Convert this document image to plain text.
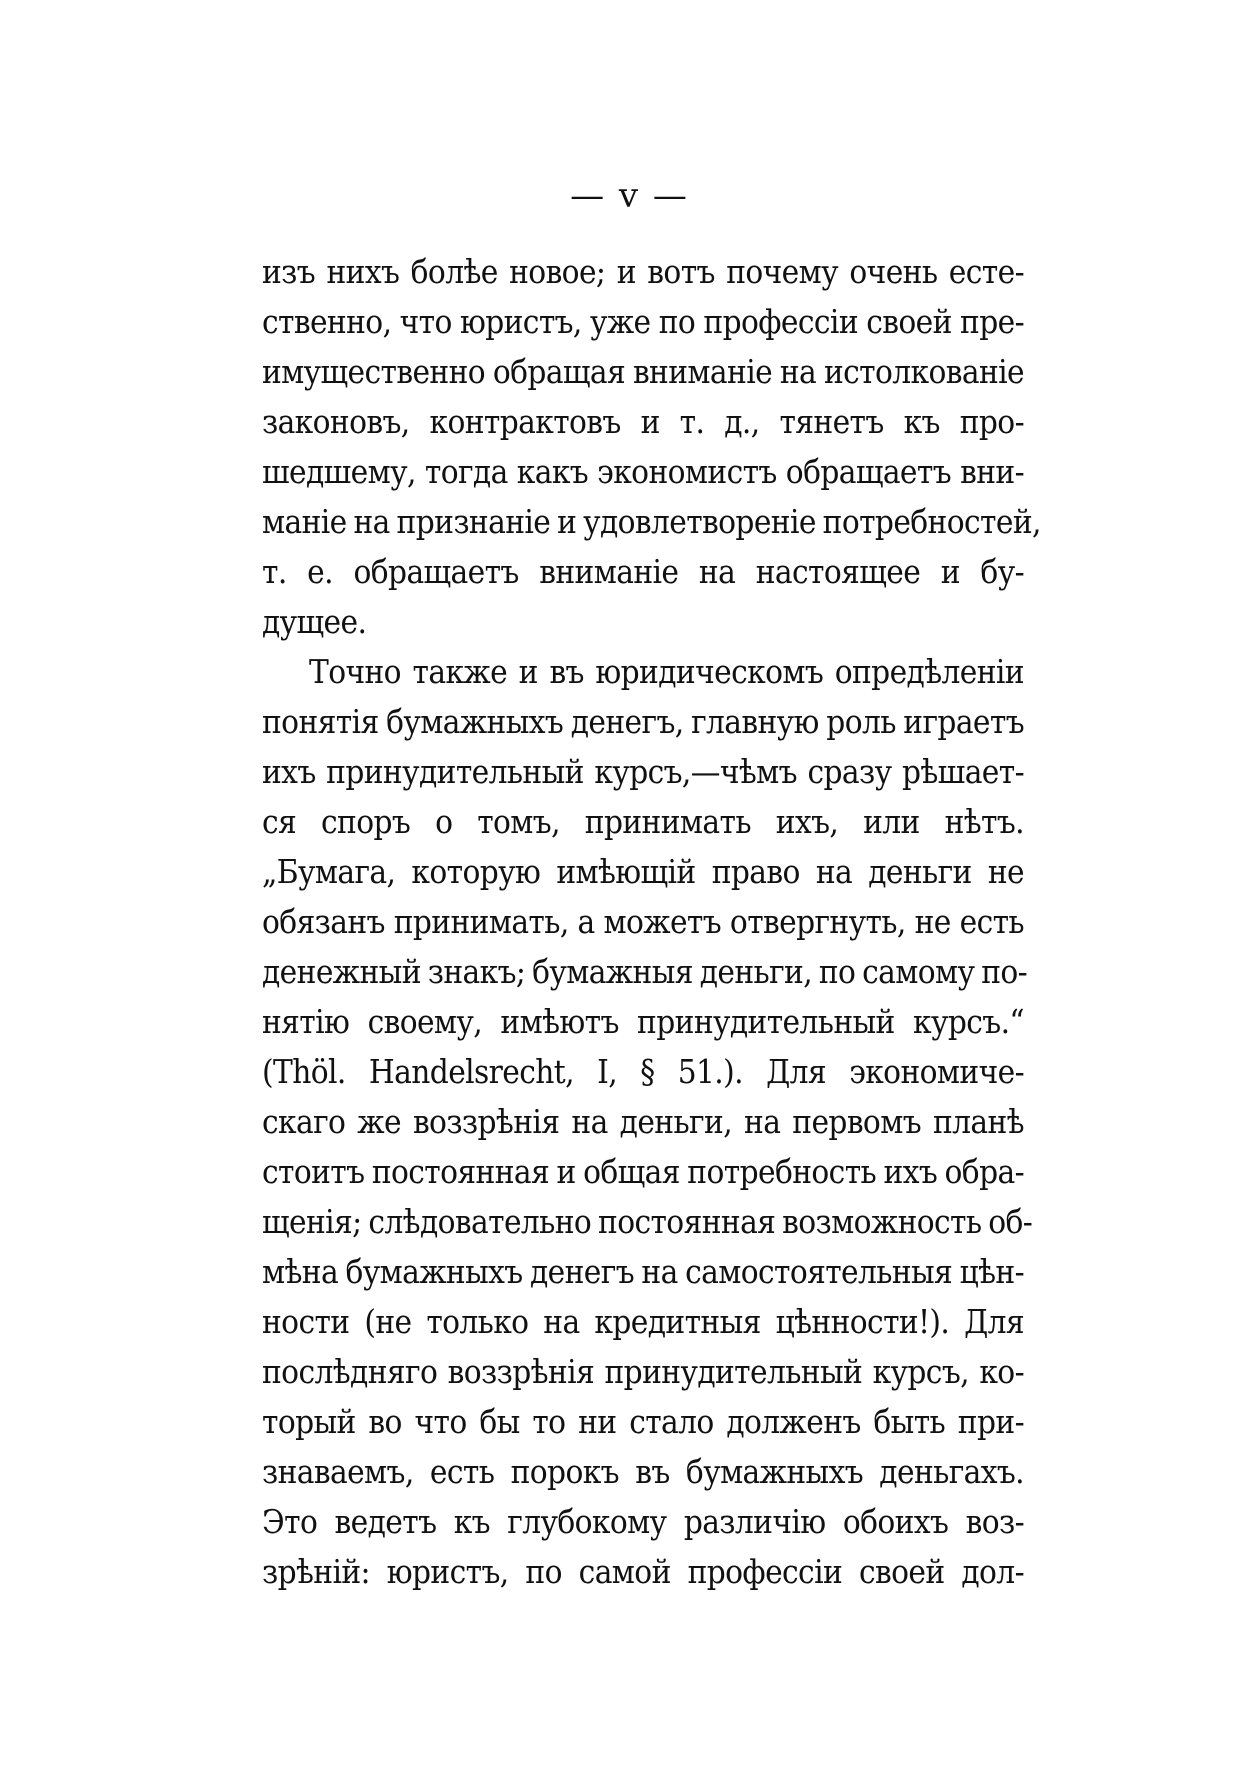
— v —
изъ нихъ болѣе новое; и вотъ почему очень есте-
ственно, что юристъ, уже по профессіи своей пре-
имущественно обращая вниманіе на истолкованіе
законовъ, контрактовъ и т. д., тянетъ къ про-
шедшему, тогда какъ экономистъ обращаетъ вни-
маніе на признаніе и удовлетвореніе потребностей,
т. е. обращаетъ вниманіе на настоящее и бу-
дущее.
Точно также и въ юридическомъ опредѣленіи
понятія бумажныхъ денегъ, главную роль играетъ
ихъ принудительный курсъ,—чѣмъ сразу рѣшает-
ся споръ о томъ, принимать ихъ, или нѣтъ.
„Бумага, которую имѣющій право на деньги не
обязанъ принимать, а можетъ отвергнуть, не есть
денежный знакъ; бумажныя деньги, по самому по-
нятію своему, имѣютъ принудительный курсъ.“
(Thöl. Handelsrecht, I, § 51.). Для экономиче-
скаго же воззрѣнія на деньги, на первомъ планѣ
стоитъ постоянная и общая потребность ихъ обра-
щенія; слѣдовательно постоянная возможность об-
мѣна бумажныхъ денегъ на самостоятельныя цѣн-
ности (не только на кредитныя цѣнности!). Для
послѣдняго воззрѣнія принудительный курсъ, ко-
торый во что бы то ни стало долженъ быть при-
знаваемъ, есть порокъ въ бумажныхъ деньгахъ.
Это ведетъ къ глубокому различію обоихъ воз-
зрѣній: юристъ, по самой профессіи своей дол-
